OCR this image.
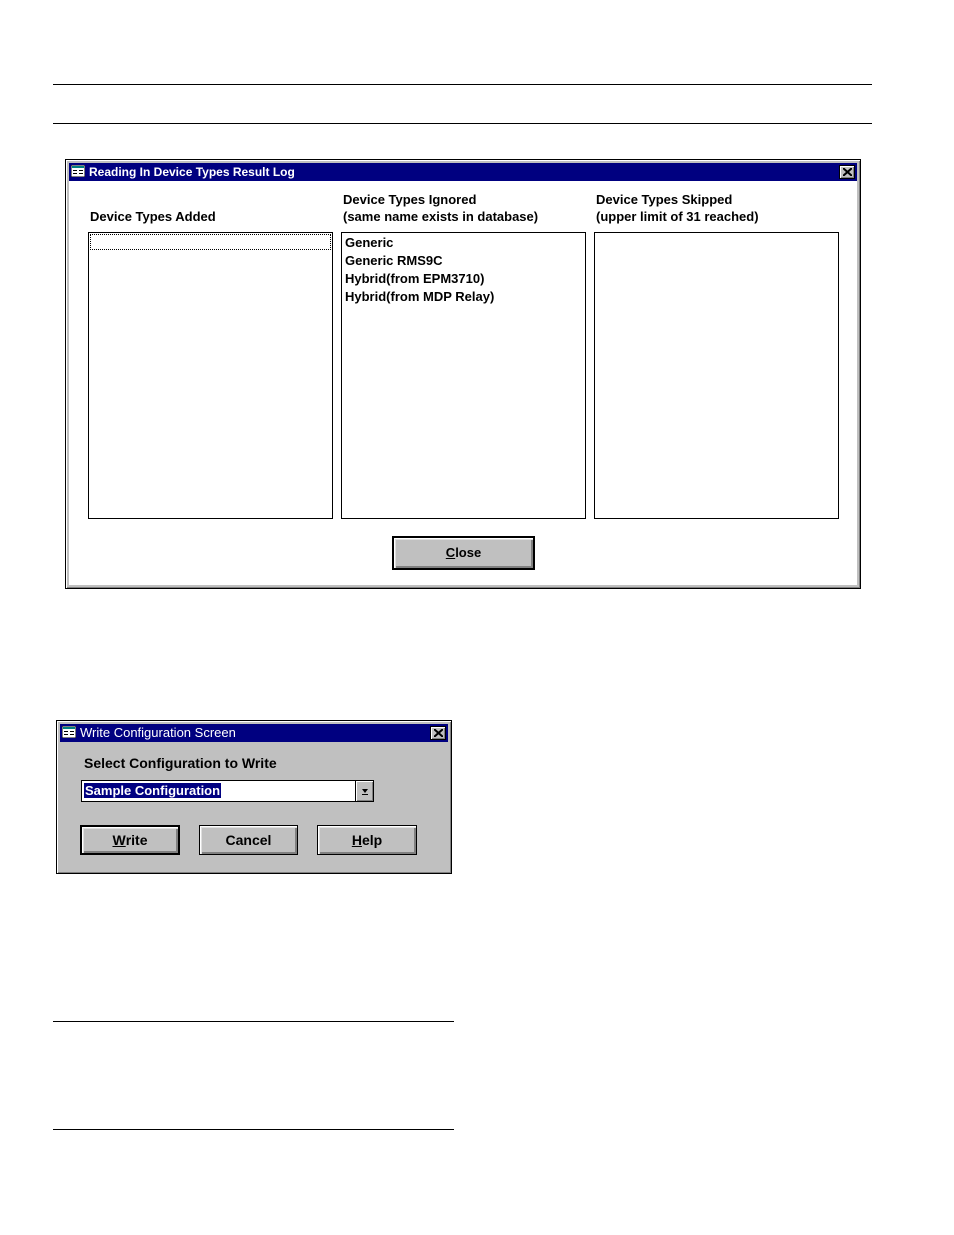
Reading In Device Types Result Log
Device Types Added
Device Types Ignored
(same name exists in database)
Device Types Skipped
(upper limit of 31 reached)
Generic
Generic RMS9C
Hybrid(from EPM3710)
Hybrid(from MDP Relay)
Close
Write Configuration Screen
Select Configuration to Write
Sample Configuration
Write	Cancel	Help
